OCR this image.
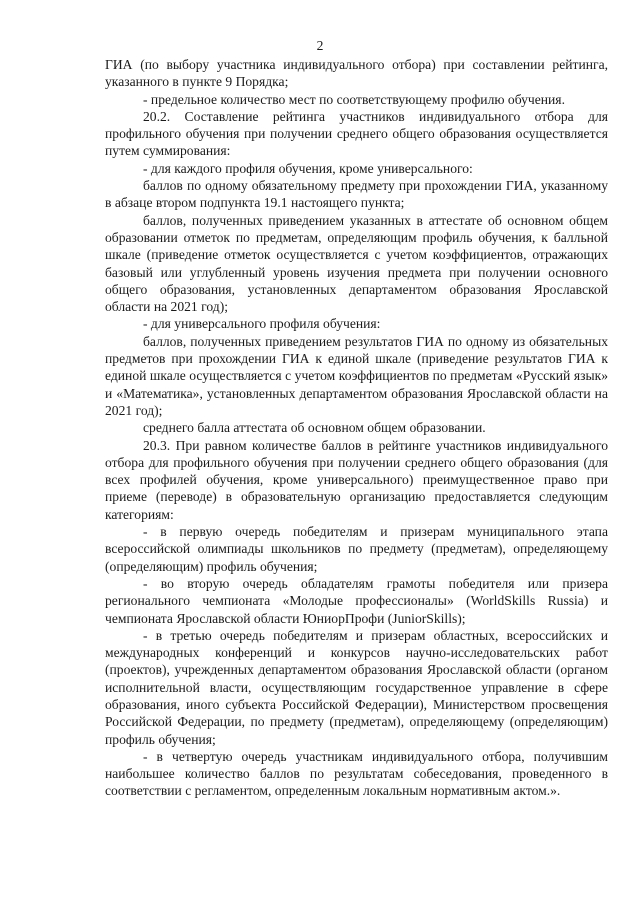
2

ГИА (по выбору участника индивидуального отбора) при составлении рейтинга, указанного в пункте 9 Порядка;

- предельное количество мест по соответствующему профилю обучения.

20.2. Составление рейтинга участников индивидуального отбора для профильного обучения при получении среднего общего образования осуществляется путем суммирования:

- для каждого профиля обучения, кроме универсального:

баллов по одному обязательному предмету при прохождении ГИА, указанному в абзаце втором подпункта 19.1 настоящего пункта;

баллов, полученных приведением указанных в аттестате об основном общем образовании отметок по предметам, определяющим профиль обучения, к балльной шкале (приведение отметок осуществляется с учетом коэффициентов, отражающих базовый или углубленный уровень изучения предмета при получении основного общего образования, установленных департаментом образования Ярославской области на 2021 год);

- для универсального профиля обучения:

баллов, полученных приведением результатов ГИА по одному из обязательных предметов при прохождении ГИА к единой шкале (приведение результатов ГИА к единой шкале осуществляется с учетом коэффициентов по предметам «Русский язык» и «Математика», установленных департаментом образования Ярославской области на 2021 год);

среднего балла аттестата об основном общем образовании.

20.3. При равном количестве баллов в рейтинге участников индивидуального отбора для профильного обучения при получении среднего общего образования (для всех профилей обучения, кроме универсального) преимущественное право при приеме (переводе) в образовательную организацию предоставляется следующим категориям:

- в первую очередь победителям и призерам муниципального этапа всероссийской олимпиады школьников по предмету (предметам), определяющему (определяющим) профиль обучения;

- во вторую очередь обладателям грамоты победителя или призера регионального чемпионата «Молодые профессионалы» (WorldSkills Russia) и чемпионата Ярославской области ЮниорПрофи (JuniorSkills);

- в третью очередь победителям и призерам областных, всероссийских и международных конференций и конкурсов научно-исследовательских работ (проектов), учрежденных департаментом образования Ярославской области (органом исполнительной власти, осуществляющим государственное управление в сфере образования, иного субъекта Российской Федерации), Министерством просвещения Российской Федерации, по предмету (предметам), определяющему (определяющим) профиль обучения;

- в четвертую очередь участникам индивидуального отбора, получившим наибольшее количество баллов по результатам собеседования, проведенного в соответствии с регламентом, определенным локальным нормативным актом.».
